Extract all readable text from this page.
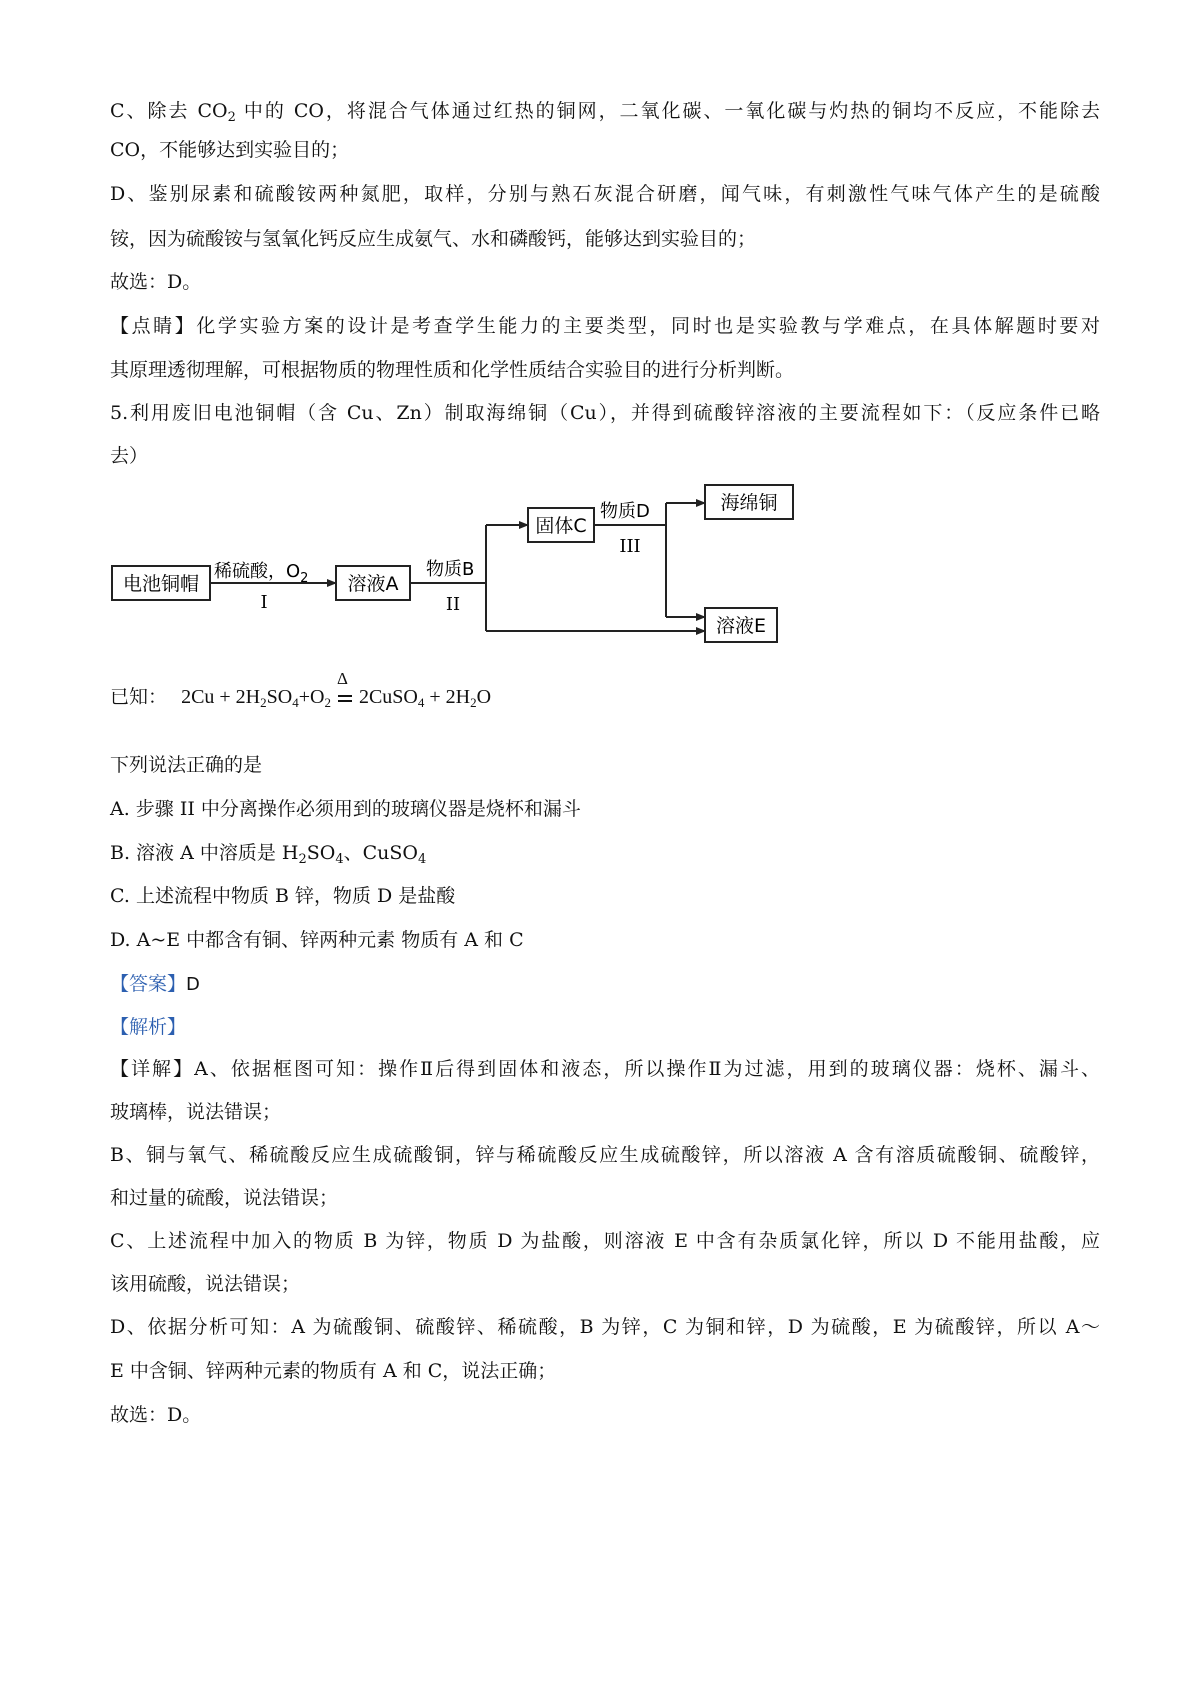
C、除去 $CO_2$ 中的 CO，将混合气体通过红热的铜网，二氧化碳、一氧化碳与灼热的铜均不反应，不能除去
CO，不能够达到实验目的；
D、鉴别尿素和硫酸铵两种氮肥，取样，分别与熟石灰混合研磨，闻气味，有刺激性气味气体产生的是硫酸
铵，因为硫酸铵与氢氧化钙反应生成氨气、水和磷酸钙，能够达到实验目的；
故选：D。
【点睛】化学实验方案的设计是考查学生能力的主要类型，同时也是实验教与学难点，在具体解题时要对
其原理透彻理解，可根据物质的物理性质和化学性质结合实验目的进行分析判断。
5.利用废旧电池铜帽（含 Cu、Zn）制取海绵铜（Cu），并得到硫酸锌溶液的主要流程如下：（反应条件已略
去）
电池铜帽
稀硫酸，$O_2$
I
溶液A
物质B
II
固体C
物质D
III
海绵铜
溶液E
已知： $2Cu + 2H_2SO_4+O_2$
Δ
2CuSO$_4$ + $2H_2O$
下列说法正确的是
A. 步骤 II 中分离操作必须用到的玻璃仪器是烧杯和漏斗
B. 溶液 A 中溶质是 $H_2SO_4$、CuSO$_4$
C. 上述流程中物质 B 锌，物质 D 是盐酸
D. A~E 中都含有铜、锌两种元素 物质有 A 和 C
【答案】D
【解析】
【详解】A、依据框图可知：操作Ⅱ后得到固体和液态，所以操作Ⅱ为过滤，用到的玻璃仪器：烧杯、漏斗、
玻璃棒，说法错误；
B、铜与氧气、稀硫酸反应生成硫酸铜，锌与稀硫酸反应生成硫酸锌，所以溶液 A 含有溶质硫酸铜、硫酸锌，
和过量的硫酸，说法错误；
C、上述流程中加入的物质 B 为锌，物质 D 为盐酸，则溶液 E 中含有杂质氯化锌，所以 D 不能用盐酸，应
该用硫酸，说法错误；
D、依据分析可知：A 为硫酸铜、硫酸锌、稀硫酸，B 为锌，C 为铜和锌，D 为硫酸，E 为硫酸锌，所以 A～
E 中含铜、锌两种元素的物质有 A 和 C，说法正确；
故选：D。
